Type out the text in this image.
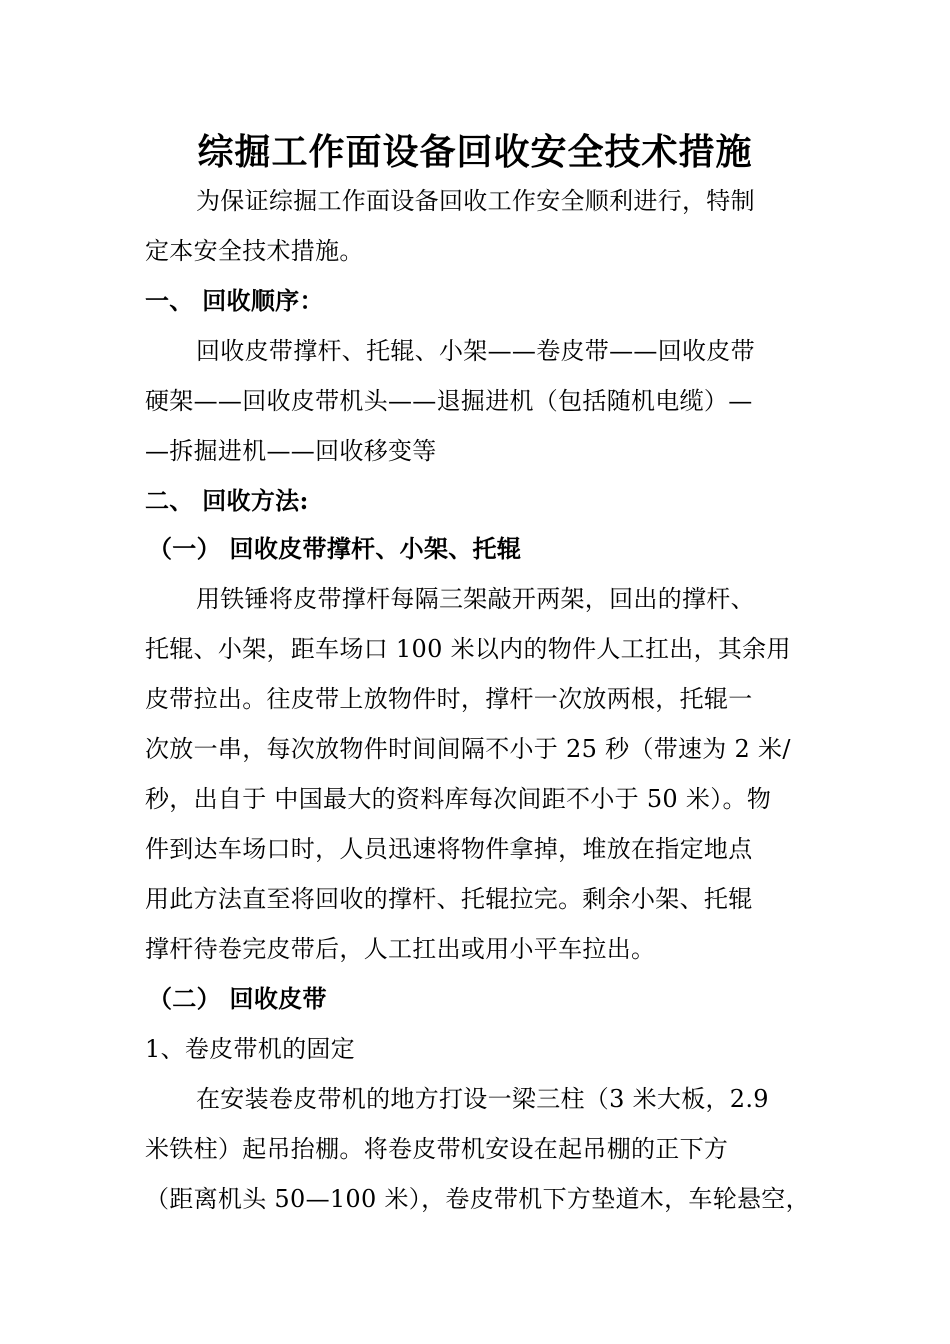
综掘工作面设备回收安全技术措施
为保证综掘工作面设备回收工作安全顺利进行，特制
定本安全技术措施。
一、 回收顺序：
回收皮带撑杆、托辊、小架——卷皮带——回收皮带
硬架——回收皮带机头——退掘进机（包括随机电缆）—
—拆掘进机——回收移变等
二、 回收方法:
（一） 回收皮带撑杆、小架、托辊
用铁锤将皮带撑杆每隔三架敲开两架，回出的撑杆、
托辊、小架，距车场口 100 米以内的物件人工扛出，其余用
皮带拉出。往皮带上放物件时，撑杆一次放两根，托辊一
次放一串，每次放物件时间间隔不小于 25 秒（带速为 2 米/
秒，出自于 中国最大的资料库每次间距不小于 50 米）。物
件到达车场口时，人员迅速将物件拿掉，堆放在指定地点
用此方法直至将回收的撑杆、托辊拉完。剩余小架、托辊
撑杆待卷完皮带后，人工扛出或用小平车拉出。
（二） 回收皮带
1、卷皮带机的固定
在安装卷皮带机的地方打设一梁三柱（3 米大板，2.9
米铁柱）起吊抬棚。将卷皮带机安设在起吊棚的正下方
（距离机头 50—100 米），卷皮带机下方垫道木，车轮悬空，
